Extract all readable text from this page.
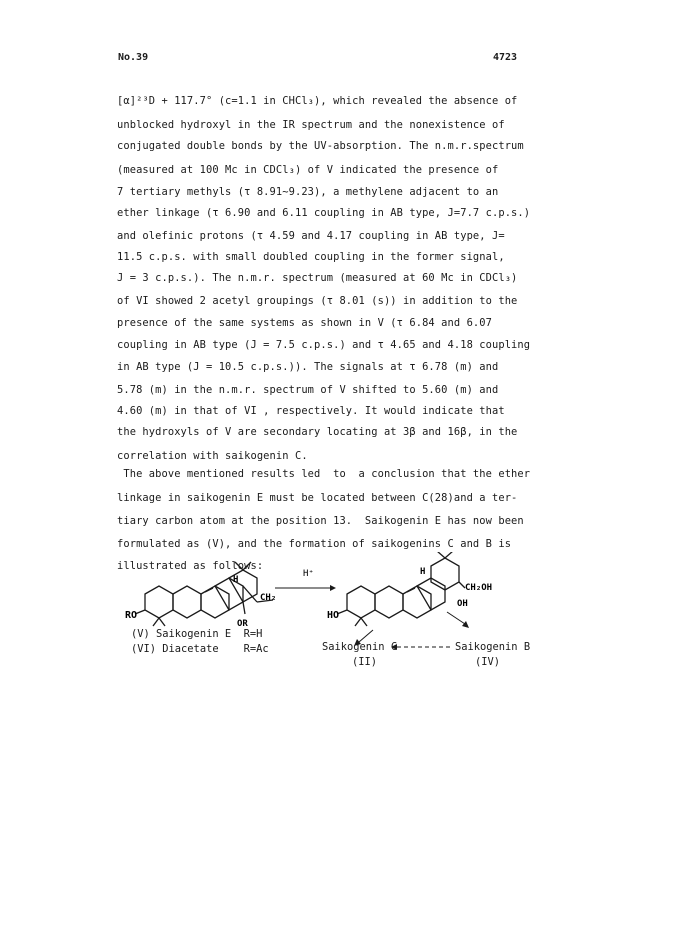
No.39	4723
[α]²³D + 117.7° (c=1.1 in CHCl₃), which revealed the absence of
unblocked hydroxyl in the IR spectrum and the nonexistence of
conjugated double bonds by the UV-absorption. The n.m.r.spectrum
(measured at 100 Mc in CDCl₃) of V indicated the presence of
7 tertiary methyls (τ 8.91~9.23), a methylene adjacent to an
ether linkage (τ 6.90 and 6.11 coupling in AB type, J=7.7 c.p.s.)
and olefinic protons (τ 4.59 and 4.17 coupling in AB type, J=
11.5 c.p.s. with small doubled coupling in the former signal,
J = 3 c.p.s.). The n.m.r. spectrum (measured at 60 Mc in CDCl₃)
of VI showed 2 acetyl groupings (τ 8.01 (s)) in addition to the
presence of the same systems as shown in V (τ 6.84 and 6.07
coupling in AB type (J = 7.5 c.p.s.) and τ 4.65 and 4.18 coupling
in AB type (J = 10.5 c.p.s.)). The signals at τ 6.78 (m) and
5.78 (m) in the n.m.r. spectrum of V shifted to 5.60 (m) and
4.60 (m) in that of VI , respectively. It would indicate that
the hydroxyls of V are secondary locating at 3β and 16β, in the
correlation with saikogenin C.
The above mentioned results led  to  a conclusion that the ether
linkage in saikogenin E must be located between C(28)and a ter-
tiary carbon atom at the position 13.  Saikogenin E has now been
formulated as (V), and the formation of saikogenins C and B is
illustrated as follows:
RO
H
CH₂
OR
H⁺	H
CH₂OH
OH
HO
(V) Saikogenin E  R=H
(VI) Diacetate    R=Ac	Saikogenin C
(II)
Saikogenin B
(IV)
